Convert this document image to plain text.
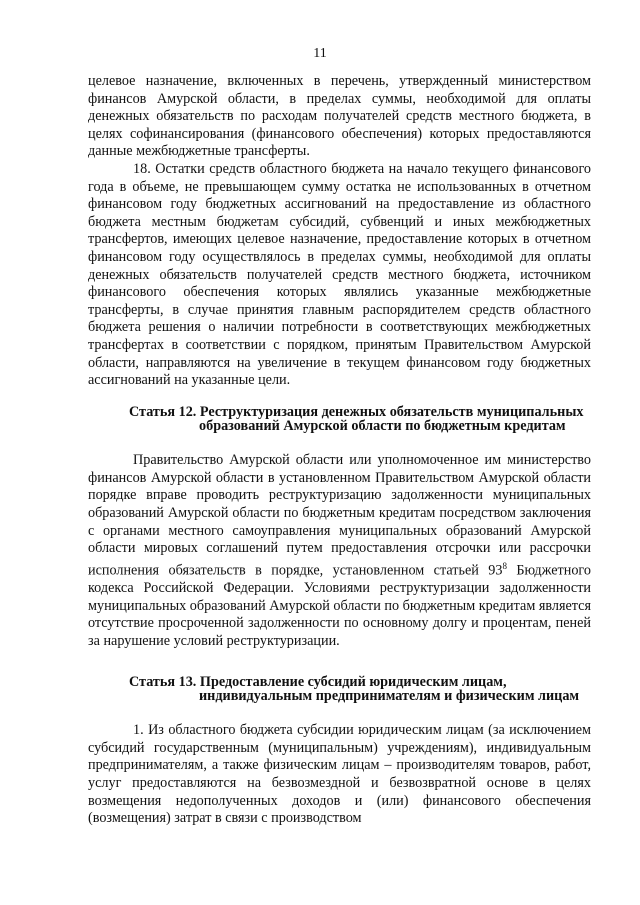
11

целевое назначение, включенных в перечень, утвержденный министерством финансов Амурской области, в пределах суммы, необходимой для оплаты денежных обязательств по расходам получателей средств местного бюджета, в целях софинансирования (финансового обеспечения) которых предоставляются данные межбюджетные трансферты.

18. Остатки средств областного бюджета на начало текущего финансового года в объеме, не превышающем сумму остатка не использованных в отчетном финансовом году бюджетных ассигнований на предоставление из областного бюджета местным бюджетам субсидий, субвенций и иных межбюджетных трансфертов, имеющих целевое назначение, предоставление которых в отчетном финансовом году осуществлялось в пределах суммы, необходимой для оплаты денежных обязательств получателей средств местного бюджета, источником финансового обеспечения которых являлись указанные межбюджетные трансферты, в случае принятия главным распорядителем средств областного бюджета решения о наличии потребности в соответствующих межбюджетных трансфертах в соответствии с порядком, принятым Правительством Амурской области, направляются на увеличение в текущем финансовом году бюджетных ассигнований на указанные цели.

Статья 12. Реструктуризация денежных обязательств муниципальных образований Амурской области по бюджетным кредитам

Правительство Амурской области или уполномоченное им министерство финансов Амурской области в установленном Правительством Амурской области порядке вправе проводить реструктуризацию задолженности муниципальных образований Амурской области по бюджетным кредитам посредством заключения с органами местного самоуправления муниципальных образований Амурской области мировых соглашений путем предоставления отсрочки или рассрочки исполнения обязательств в порядке, установленном статьей $93^8$ Бюджетного кодекса Российской Федерации. Условиями реструктуризации задолженности муниципальных образований Амурской области по бюджетным кредитам является отсутствие просроченной задолженности по основному долгу и процентам, пеней за нарушение условий реструктуризации.

Статья 13. Предоставление субсидий юридическим лицам, индивидуальным предпринимателям и физическим лицам

1. Из областного бюджета субсидии юридическим лицам (за исключением субсидий государственным (муниципальным) учреждениям), индивидуальным предпринимателям, а также физическим лицам – производителям товаров, работ, услуг предоставляются на безвозмездной и безвозвратной основе в целях возмещения недополученных доходов и (или) финансового обеспечения (возмещения) затрат в связи с производством
